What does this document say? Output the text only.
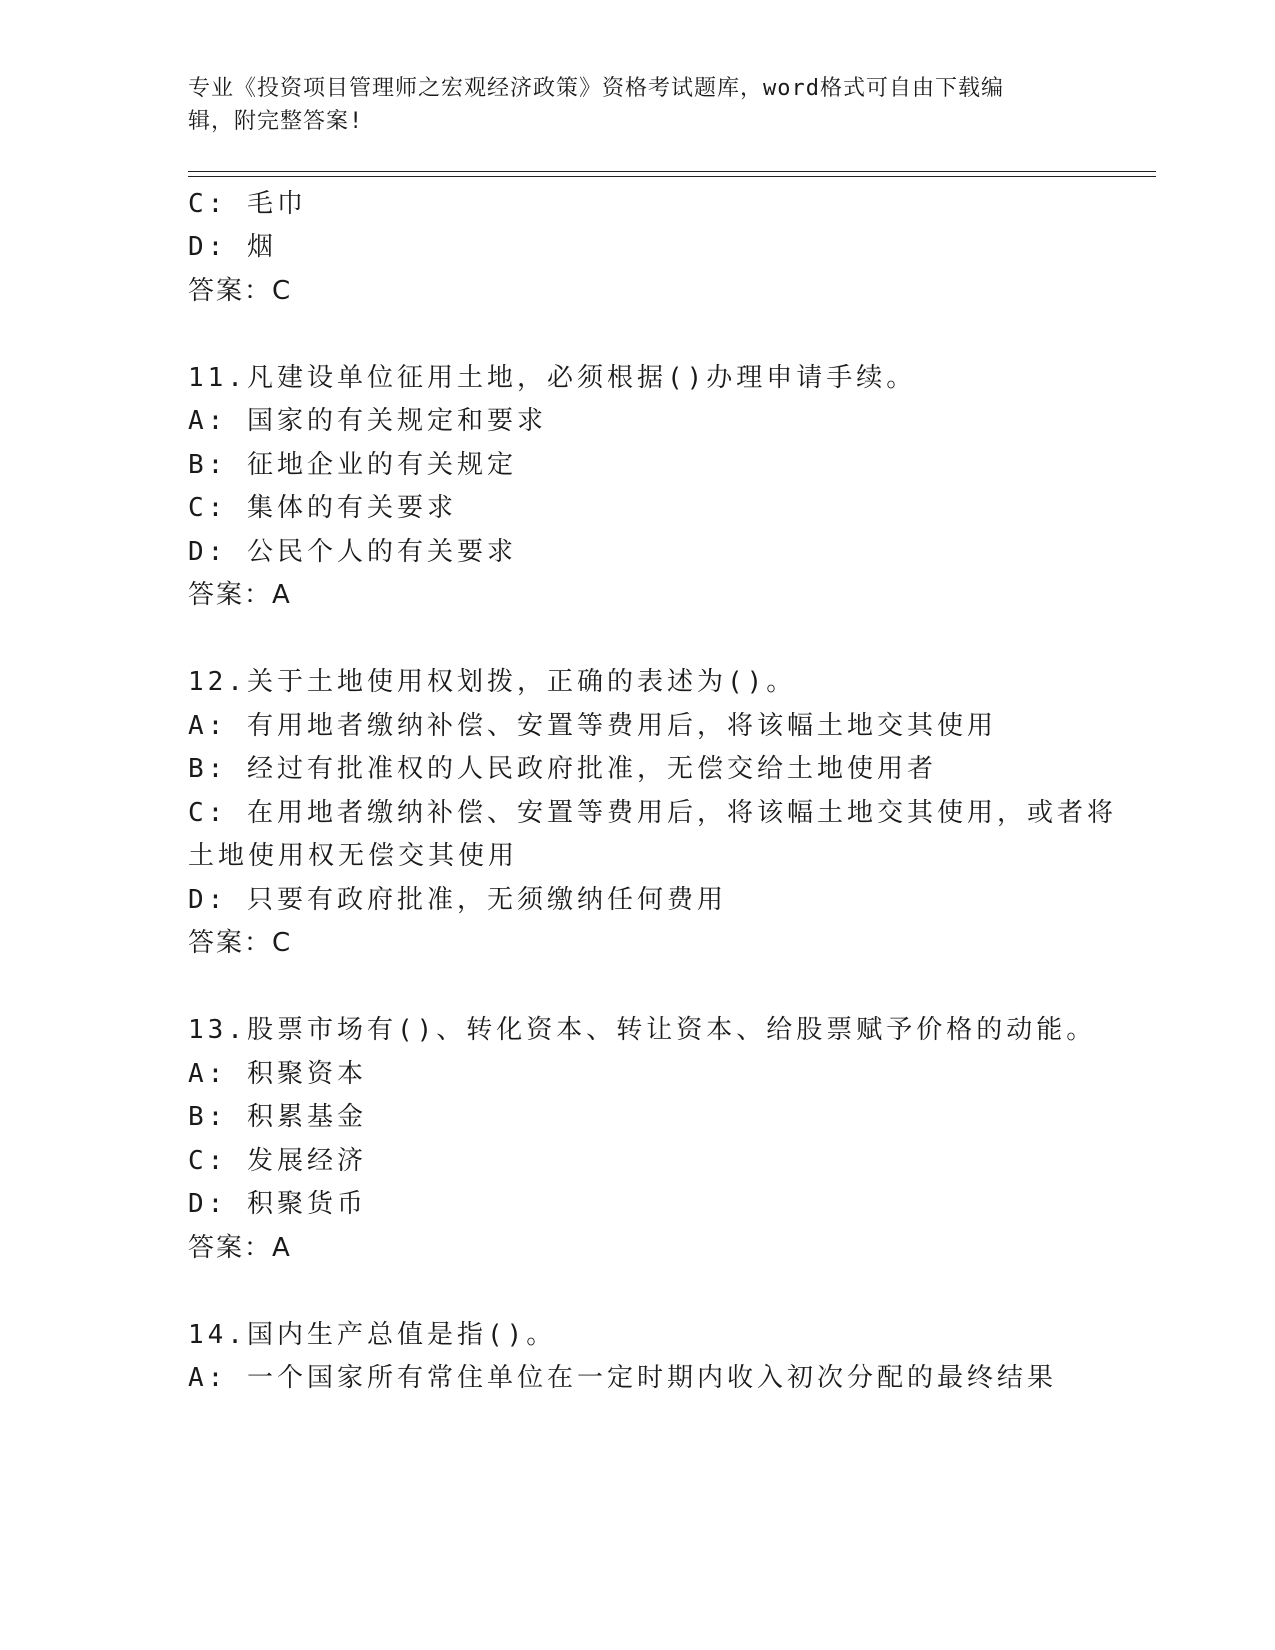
专业《投资项目管理师之宏观经济政策》资格考试题库，word格式可自由下载编
辑，附完整答案!
C: 毛巾
D: 烟
答案：C
11.凡建设单位征用土地，必须根据()办理申请手续。
A: 国家的有关规定和要求
B: 征地企业的有关规定
C: 集体的有关要求
D: 公民个人的有关要求
答案：A
12.关于土地使用权划拨，正确的表述为()。
A: 有用地者缴纳补偿、安置等费用后，将该幅土地交其使用
B: 经过有批准权的人民政府批准，无偿交给土地使用者
C: 在用地者缴纳补偿、安置等费用后，将该幅土地交其使用，或者将
土地使用权无偿交其使用
D: 只要有政府批准，无须缴纳任何费用
答案：C
13.股票市场有()、转化资本、转让资本、给股票赋予价格的动能。
A: 积聚资本
B: 积累基金
C: 发展经济
D: 积聚货币
答案：A
14.国内生产总值是指()。
A: 一个国家所有常住单位在一定时期内收入初次分配的最终结果
